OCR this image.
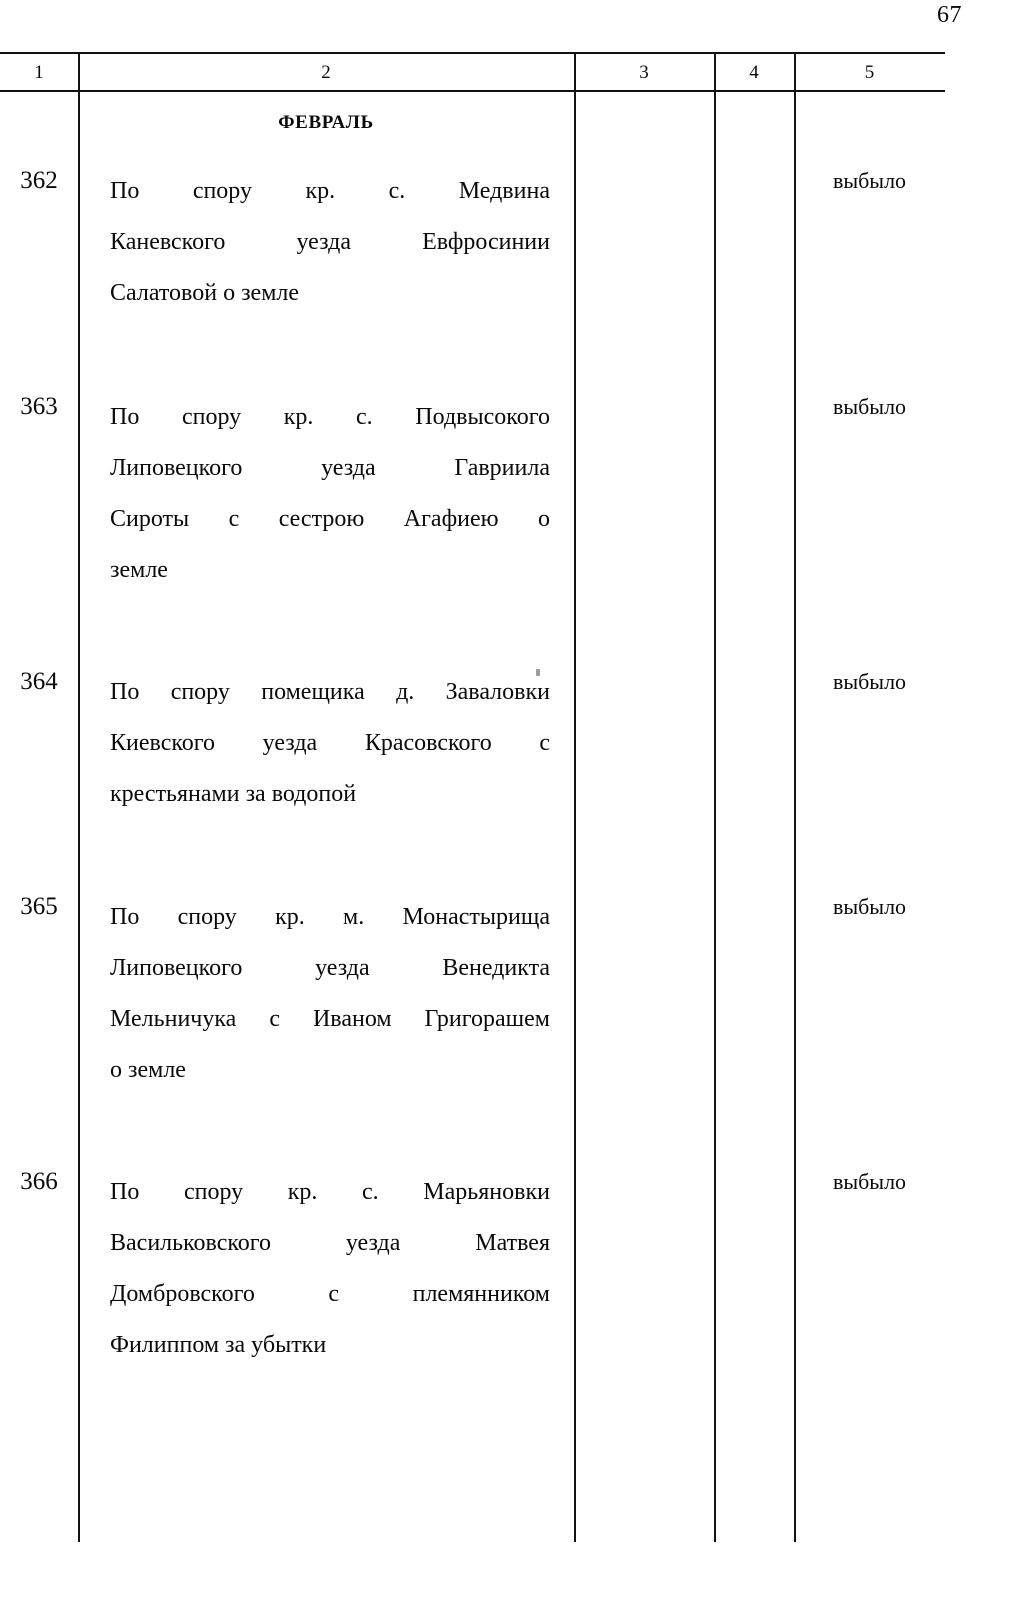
67
1	2	3	4	5
ФЕВРАЛЬ
362	По спору кр. с. Медвина
Каневского	уезда	Евфросинии
Салатовой о земле
выбыло
363	По спору кр. с. Подвысокого
Липовецкого	уезда	Гавриила
Сироты с сестрою Агафиею о
земле
выбыло
364	По спору помещика д. Заваловки
Киевского уезда Красовского с
крестьянами за водопой
выбыло
365	По спору кр. м. Монастырища
Липовецкого	уезда	Венедикта
Мельничука с Иваном Григорашем
о земле
выбыло
366	По спору кр. с. Марьяновки
Васильковского	уезда	Матвея
Домбровского	с	племянником
Филиппом за убытки
выбыло
